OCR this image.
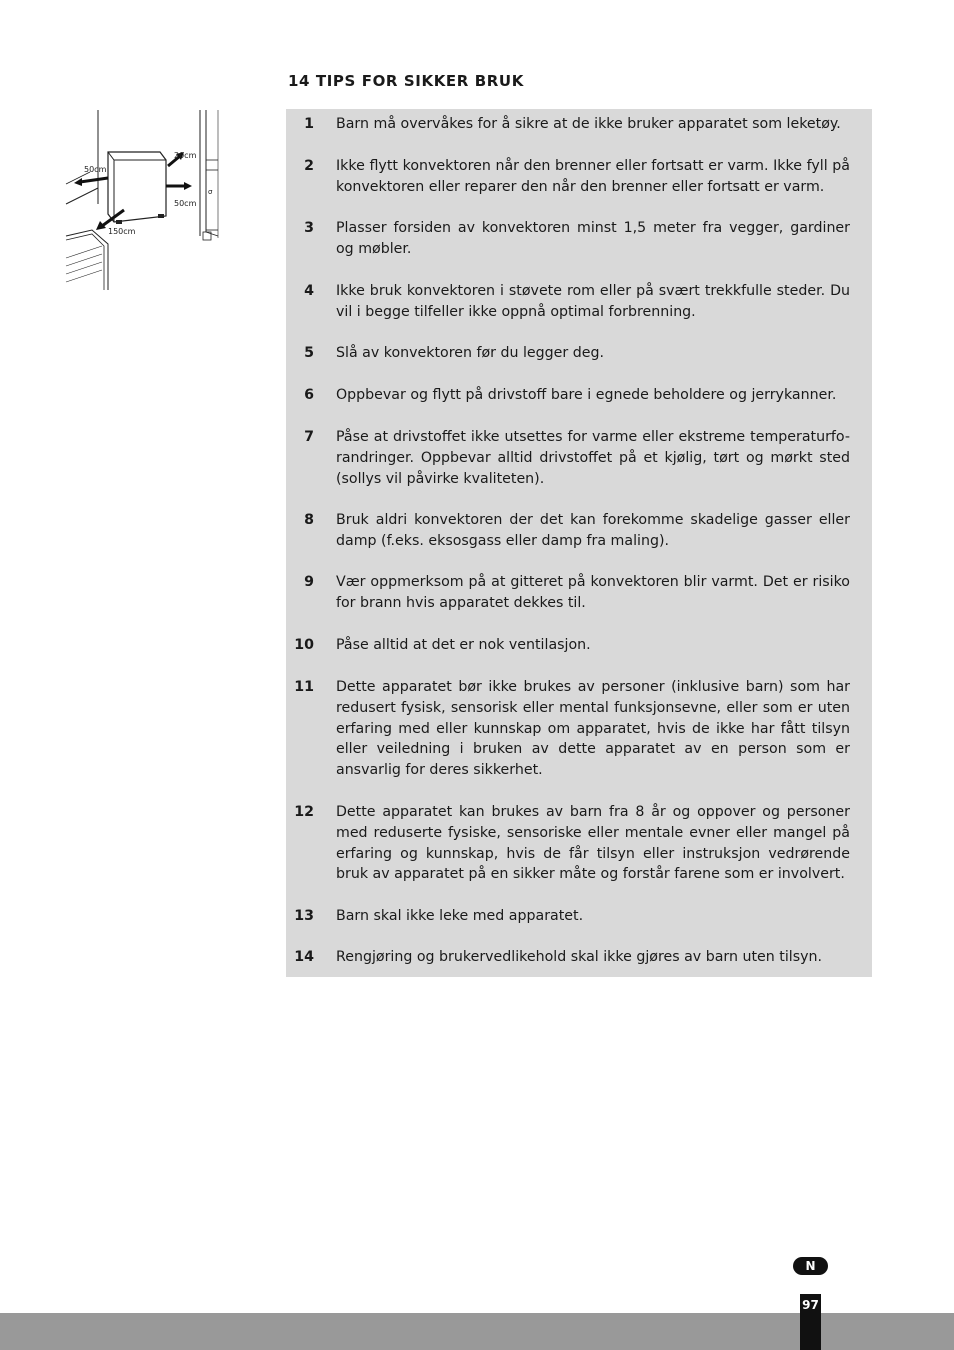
14 TIPS FOR SIKKER BRUK
σ
50cm
20cm
50cm
150cm
1 Barn må overvåkes for å sikre at de ikke bruker apparatet som leketøy.
2 Ikke flytt konvektoren når den brenner eller fortsatt er varm. Ikke fyll på konvektoren eller reparer den når den brenner eller fortsatt er varm.
3 Plasser forsiden av konvektoren minst 1,5 meter fra vegger, gardiner og møbler.
4 Ikke bruk konvektoren i støvete rom eller på svært trekkfulle steder. Du vil i begge tilfeller ikke oppnå optimal forbrenning.
5 Slå av konvektoren før du legger deg.
6 Oppbevar og flytt på drivstoff bare i egnede beholdere og jerrykanner.
7 Påse at drivstoffet ikke utsettes for varme eller ekstreme temperaturfo-randringer. Oppbevar alltid drivstoffet på et kjølig, tørt og mørkt sted (sollys vil påvirke kvaliteten).
8 Bruk aldri konvektoren der det kan forekomme skadelige gasser eller damp (f.eks. eksosgass eller damp fra maling).
9 Vær oppmerksom på at gitteret på konvektoren blir varmt. Det er risiko for brann hvis apparatet dekkes til.
10 Påse alltid at det er nok ventilasjon.
11 Dette apparatet bør ikke brukes av personer (inklusive barn) som har redusert fysisk, sensorisk eller mental funksjonsevne, eller som er uten erfaring med eller kunnskap om apparatet, hvis de ikke har fått tilsyn eller veiledning i bruken av dette apparatet av en person som er ansvarlig for deres sikkerhet.
12 Dette apparatet kan brukes av barn fra 8 år og oppover og personer med reduserte fysiske, sensoriske eller mentale evner eller mangel på erfaring og kunnskap, hvis de får tilsyn eller instruksjon vedrørende bruk av apparatet på en sikker måte og forstår farene som er involvert.
13 Barn skal ikke leke med apparatet.
14 Rengjøring og brukervedlikehold skal ikke gjøres av barn uten tilsyn.
N
97
